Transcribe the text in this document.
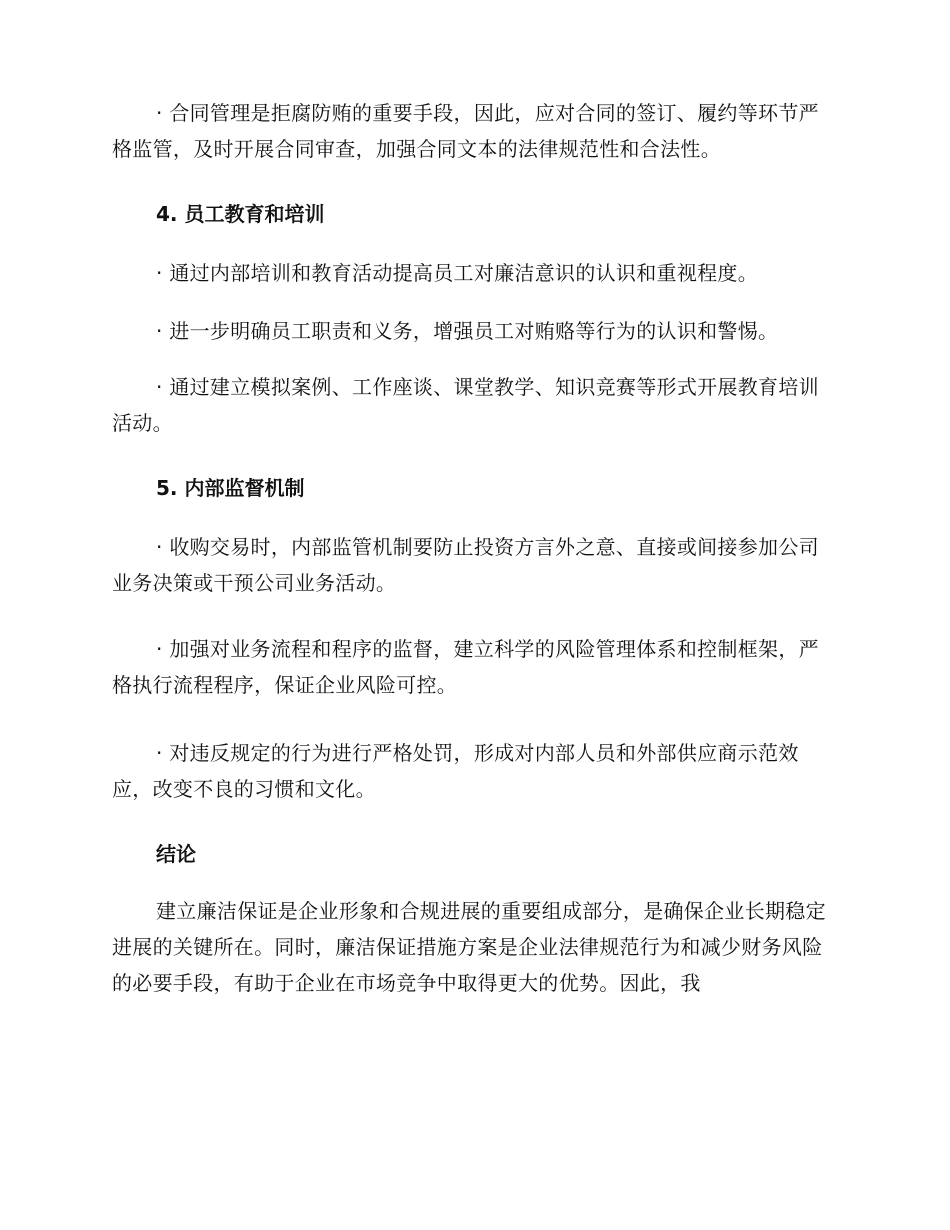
· 合同管理是拒腐防贿的重要手段，因此，应对合同的签订、履约等环节严格监管，及时开展合同审查，加强合同文本的法律规范性和合法性。

4. 员工教育和培训

· 通过内部培训和教育活动提高员工对廉洁意识的认识和重视程度。

· 进一步明确员工职责和义务，增强员工对贿赂等行为的认识和警惕。

· 通过建立模拟案例、工作座谈、课堂教学、知识竞赛等形式开展教育培训活动。

5. 内部监督机制

· 收购交易时，内部监管机制要防止投资方言外之意、直接或间接参加公司业务决策或干预公司业务活动。

· 加强对业务流程和程序的监督，建立科学的风险管理体系和控制框架，严格执行流程程序，保证企业风险可控。

· 对违反规定的行为进行严格处罚，形成对内部人员和外部供应商示范效应，改变不良的习惯和文化。

结论

建立廉洁保证是企业形象和合规进展的重要组成部分，是确保企业长期稳定进展的关键所在。同时，廉洁保证措施方案是企业法律规范行为和减少财务风险的必要手段，有助于企业在市场竞争中取得更大的优势。因此，我
